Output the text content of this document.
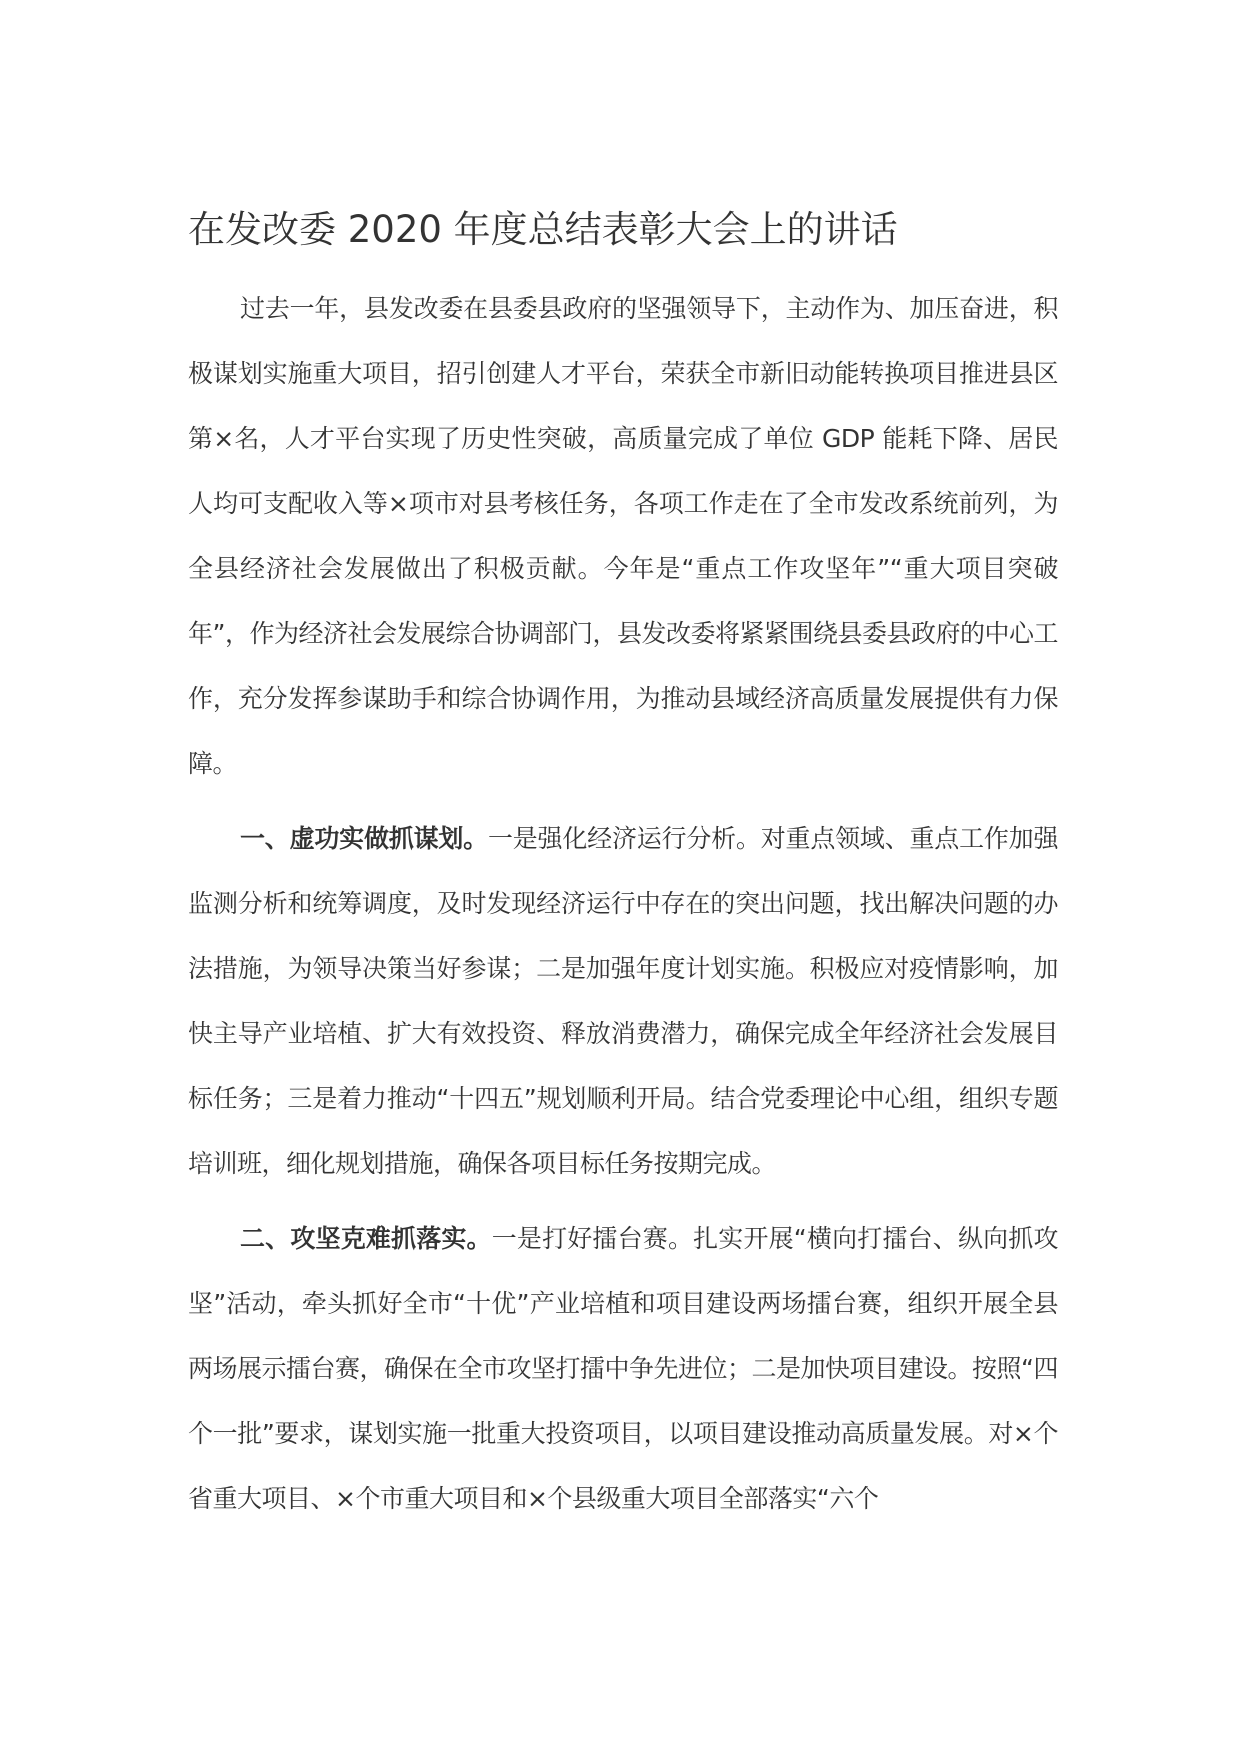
在发改委 2020 年度总结表彰大会上的讲话

过去一年，县发改委在县委县政府的坚强领导下，主动作为、加压奋进，积极谋划实施重大项目，招引创建人才平台，荣获全市新旧动能转换项目推进县区第×名，人才平台实现了历史性突破，高质量完成了单位 GDP 能耗下降、居民人均可支配收入等×项市对县考核任务，各项工作走在了全市发改系统前列，为全县经济社会发展做出了积极贡献。今年是“重点工作攻坚年”“重大项目突破年”，作为经济社会发展综合协调部门，县发改委将紧紧围绕县委县政府的中心工作，充分发挥参谋助手和综合协调作用，为推动县域经济高质量发展提供有力保障。

一、虚功实做抓谋划。一是强化经济运行分析。对重点领域、重点工作加强监测分析和统筹调度，及时发现经济运行中存在的突出问题，找出解决问题的办法措施，为领导决策当好参谋；二是加强年度计划实施。积极应对疫情影响，加快主导产业培植、扩大有效投资、释放消费潜力，确保完成全年经济社会发展目标任务；三是着力推动“十四五”规划顺利开局。结合党委理论中心组，组织专题培训班，细化规划措施，确保各项目标任务按期完成。

二、攻坚克难抓落实。一是打好擂台赛。扎实开展“横向打擂台、纵向抓攻坚”活动，牵头抓好全市“十优”产业培植和项目建设两场擂台赛，组织开展全县两场展示擂台赛，确保在全市攻坚打擂中争先进位；二是加快项目建设。按照“四个一批”要求，谋划实施一批重大投资项目，以项目建设推动高质量发展。对×个省重大项目、×个市重大项目和×个县级重大项目全部落实“六个
